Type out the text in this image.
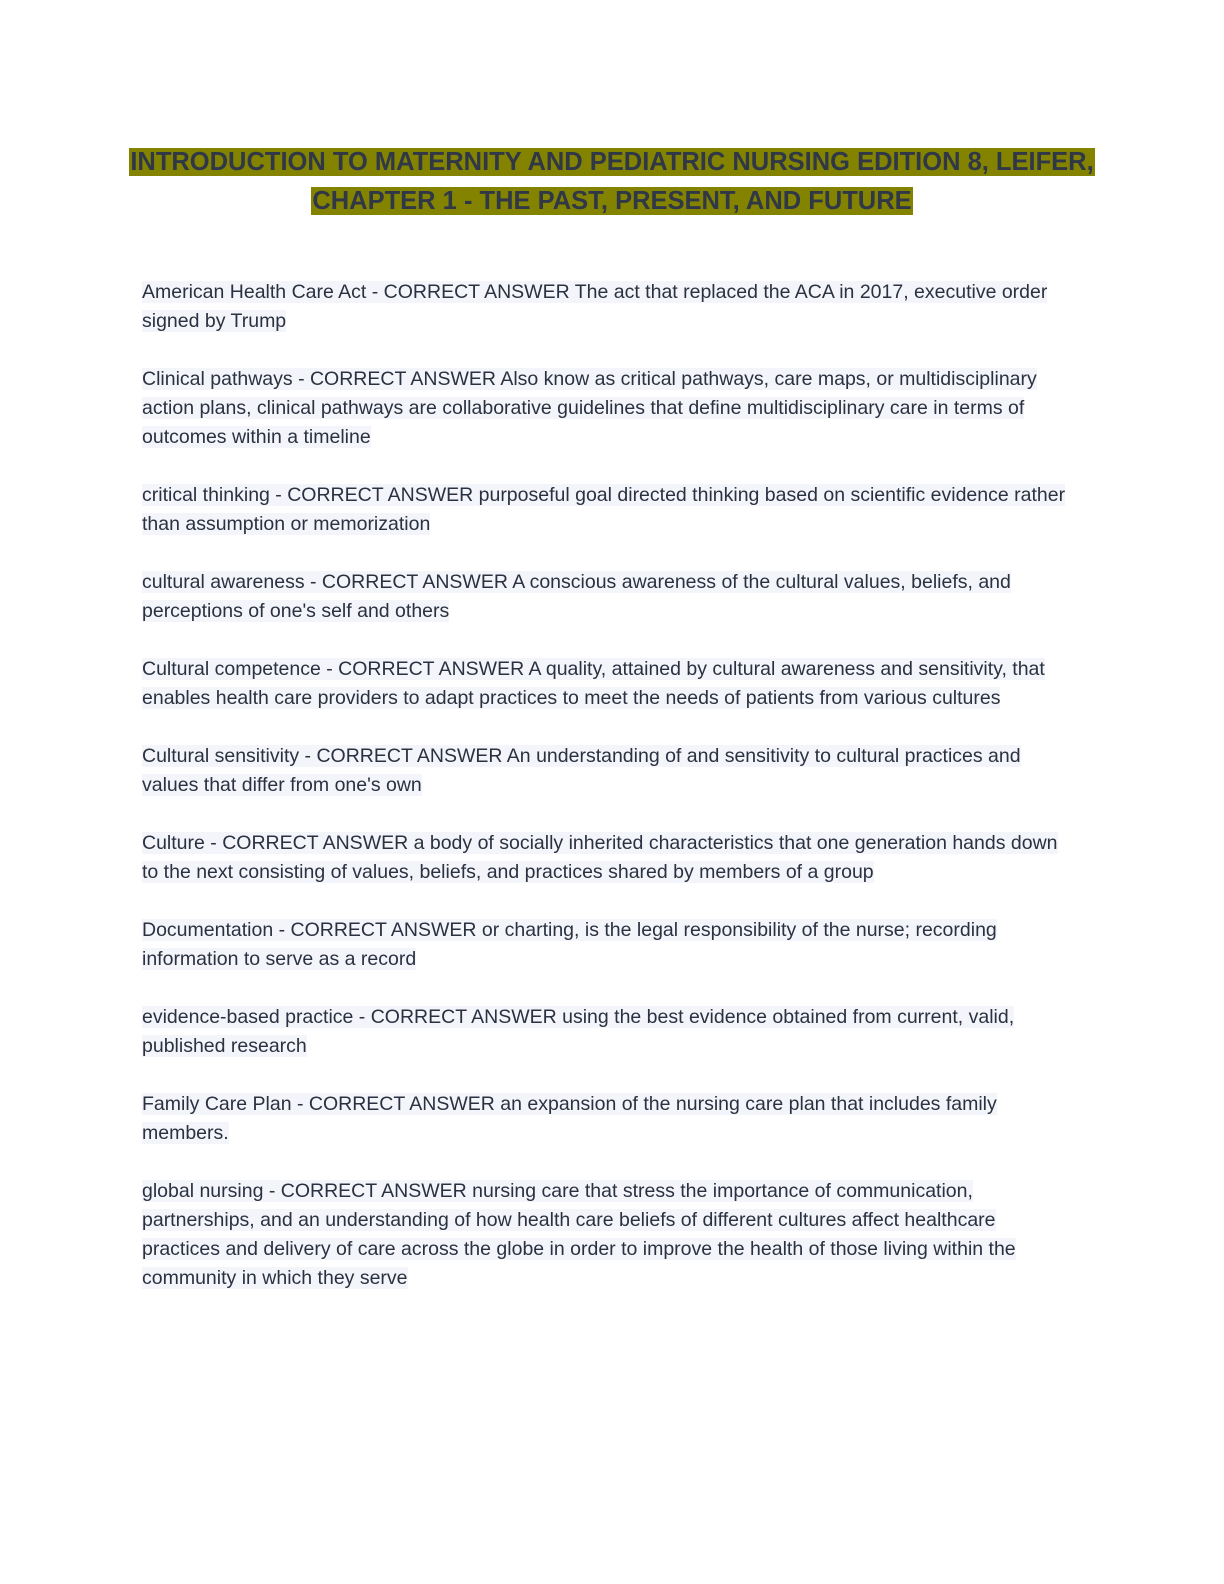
INTRODUCTION TO MATERNITY AND PEDIATRIC NURSING EDITION 8, LEIFER, CHAPTER 1 - THE PAST, PRESENT, AND FUTURE

American Health Care Act - CORRECT ANSWER The act that replaced the ACA in 2017, executive order signed by Trump

Clinical pathways - CORRECT ANSWER Also know as critical pathways, care maps, or multidisciplinary action plans, clinical pathways are collaborative guidelines that define multidisciplinary care in terms of outcomes within a timeline

critical thinking - CORRECT ANSWER purposeful goal directed thinking based on scientific evidence rather than assumption or memorization

cultural awareness - CORRECT ANSWER A conscious awareness of the cultural values, beliefs, and perceptions of one's self and others

Cultural competence - CORRECT ANSWER A quality, attained by cultural awareness and sensitivity, that enables health care providers to adapt practices to meet the needs of patients from various cultures

Cultural sensitivity - CORRECT ANSWER An understanding of and sensitivity to cultural practices and values that differ from one's own

Culture - CORRECT ANSWER a body of socially inherited characteristics that one generation hands down to the next consisting of values, beliefs, and practices shared by members of a group

Documentation - CORRECT ANSWER or charting, is the legal responsibility of the nurse; recording information to serve as a record

evidence-based practice - CORRECT ANSWER using the best evidence obtained from current, valid, published research

Family Care Plan - CORRECT ANSWER an expansion of the nursing care plan that includes family members.

global nursing - CORRECT ANSWER nursing care that stress the importance of communication, partnerships, and an understanding of how health care beliefs of different cultures affect healthcare practices and delivery of care across the globe in order to improve the health of those living within the community in which they serve
